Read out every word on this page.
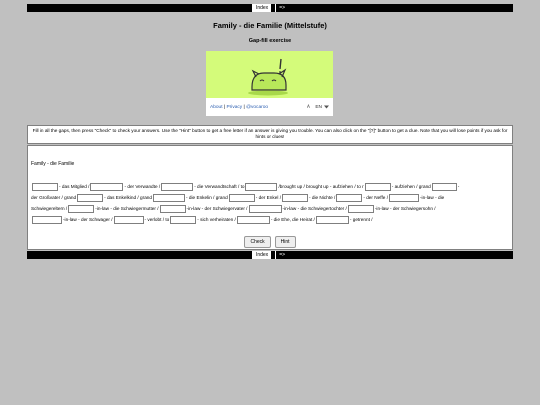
Index	=>
Family - die Familie (Mittelstufe)
Gap-fill exercise
About | Privacy | @vocaroo	A EN
Fill in all the gaps, then press "Check" to check your answers. Use the "Hint" button to get a free letter if an answer is giving you trouble. You can also click on the "[?]" button to get a clue. Note that you will lose points if you ask for hints or clues!
Family - die Familie
- das Mitglied /	- der Verwandte /	- die Verwandtschaft / to	/brought up / brought up - aufziehen / to r	- aufziehen / grand	-
der Großvater / grand	- das Enkelkind / grand	- die Enkelin / grand	- der Enkel /	- die Nichte /	- der Neffe /	-in-law - die
Schwiegereltern /	-in-law - die Schwiegermutter /	-in-law - der Schwiegervater /	-in-law - die Schwiegertochter /	-in-law - der Schwiegersohn /
-in-law - der Schwager /	- verlobt / to	- sich verheiraten /	- die Ehe, die Heirat /	- getrennt /
Check	Hint
Index	=>
